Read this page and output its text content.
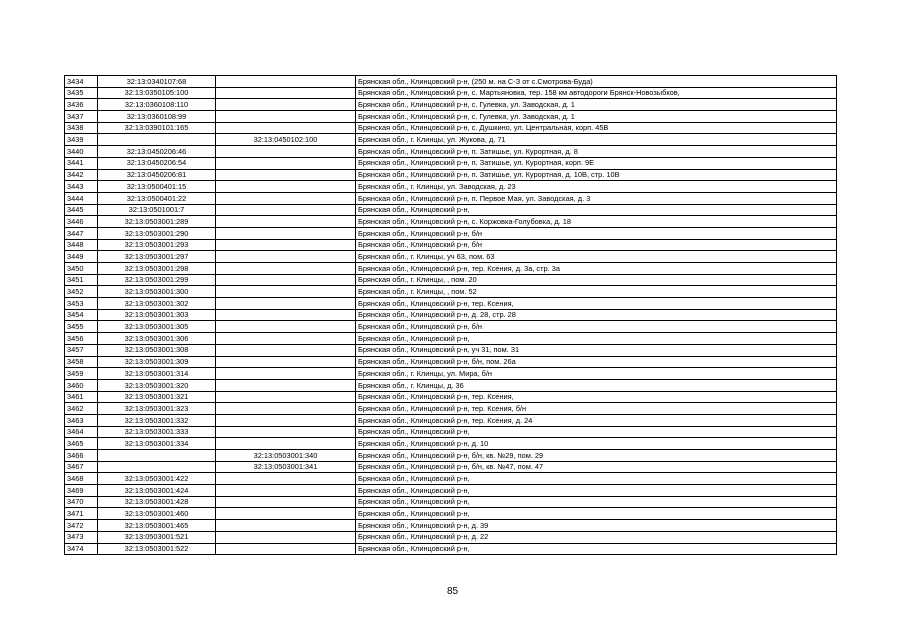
3434	32:13:0340107:68		Брянская обл., Клинцовский р-н, (250 м. на С-З от с.Смотрова-Буда)
3435	32:13:0350105:100		Брянская обл., Клинцовский р-н, с. Мартьяновка, тер. 158 км автодороги Брянск-Новозыбков,
3436	32:13:0360108:110		Брянская обл., Клинцовский р-н, с. Гулевка, ул. Заводская, д. 1
3437	32:13:0360108:99		Брянская обл., Клинцовский р-н, с. Гулевка, ул. Заводская, д. 1
3438	32:13:0390101:165		Брянская обл., Клинцовский р-н, с. Душкино, ул. Центральная, корп. 45В
3439		32:13:0450102:100	Брянская обл., г. Клинцы, ул. Жукова, д. 71
3440	32:13:0450206:46		Брянская обл., Клинцовский р-н, п. Затишье, ул. Курортная, д. 8
3441	32:13:0450206:54		Брянская обл., Клинцовский р-н, п. Затишье, ул. Курортная, корп. 9Е
3442	32:13:0450206:81		Брянская обл., Клинцовский р-н, п. Затишье, ул. Курортная, д. 10В, стр. 10В
3443	32:13:0500401:15		Брянская обл., г. Клинцы, ул. Заводская, д. 23
3444	32:13:0500401:22		Брянская обл., Клинцовский р-н, п. Первое Мая, ул. Заводская, д. 3
3445	32:13:0501001:7		Брянская обл., Клинцовский р-н,
3446	32:13:0503001:289		Брянская обл., Клинцовский р-н, с. Коржовка-Голубовка, д. 18
3447	32:13:0503001:290		Брянская обл., Клинцовский р-н, б/н
3448	32:13:0503001:293		Брянская обл., Клинцовский р-н, б/н
3449	32:13:0503001:297		Брянская обл., г. Клинцы, уч 63, пом. 63
3450	32:13:0503001:298		Брянская обл., Клинцовский р-н, тер. Ксения, д. 3а, стр. 3а
3451	32:13:0503001:299		Брянская обл., г. Клинцы, , пом. 20
3452	32:13:0503001:300		Брянская обл., г. Клинцы, , пом. 52
3453	32:13:0503001:302		Брянская обл., Клинцовский р-н, тер. Ксения,
3454	32:13:0503001:303		Брянская обл., Клинцовский р-н, д. 28, стр. 28
3455	32:13:0503001:305		Брянская обл., Клинцовский р-н, б/н
3456	32:13:0503001:306		Брянская обл., Клинцовский р-н,
3457	32:13:0503001:308		Брянская обл., Клинцовский р-н, уч 31, пом. 31
3458	32:13:0503001:309		Брянская обл., Клинцовский р-н, б/н, пом. 26а
3459	32:13:0503001:314		Брянская обл., г. Клинцы, ул. Мира, б/н
3460	32:13:0503001:320		Брянская обл., г. Клинцы, д. 36
3461	32:13:0503001:321		Брянская обл., Клинцовский р-н, тер. Ксения,
3462	32:13:0503001:323		Брянская обл., Клинцовский р-н, тер. Ксения, б/н
3463	32:13:0503001:332		Брянская обл., Клинцовский р-н, тер. Ксения, д. 24
3464	32:13:0503001:333		Брянская обл., Клинцовский р-н,
3465	32:13:0503001:334		Брянская обл., Клинцовский р-н, д. 10
3466		32:13:0503001:340	Брянская обл., Клинцовский р-н, б/н, кв. №29, пом. 29
3467		32:13:0503001:341	Брянская обл., Клинцовский р-н, б/н, кв. №47, пом. 47
3468	32:13:0503001:422		Брянская обл., Клинцовский р-н,
3469	32:13:0503001:424		Брянская обл., Клинцовский р-н,
3470	32:13:0503001:428		Брянская обл., Клинцовский р-н,
3471	32:13:0503001:460		Брянская обл., Клинцовский р-н,
3472	32:13:0503001:465		Брянская обл., Клинцовский р-н, д. 39
3473	32:13:0503001:521		Брянская обл., Клинцовский р-н, д. 22
3474	32:13:0503001:522		Брянская обл., Клинцовский р-н,
85
